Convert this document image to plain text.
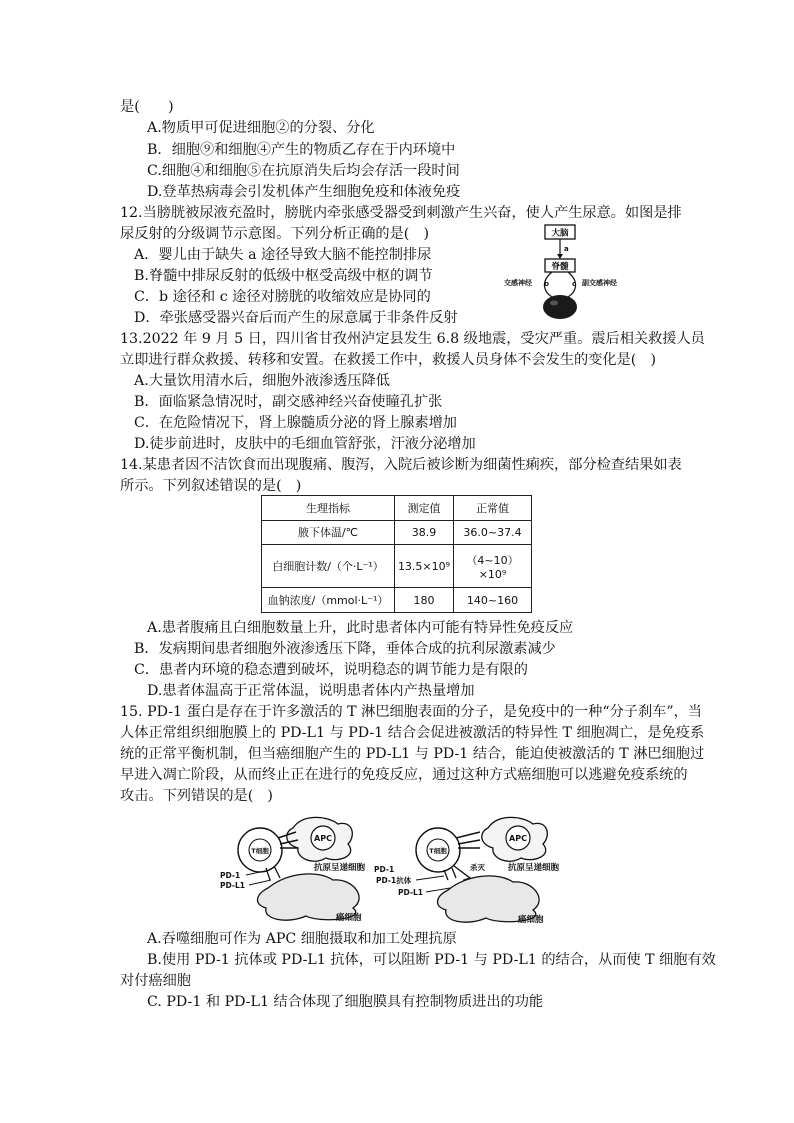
是(　　)
A.物质甲可促进细胞②的分裂、分化
B．细胞⑨和细胞④产生的物质乙存在于内环境中
C.细胞④和细胞⑤在抗原消失后均会存活一段时间
D.登革热病毒会引发机体产生细胞免疫和体液免疫
12.当膀胱被尿液充盈时，膀胱内牵张感受器受到刺激产生兴奋，使人产生尿意。如图是排
尿反射的分级调节示意图。下列分析正确的是(　)
A．婴儿由于缺失 a 途径导致大脑不能控制排尿
B.脊髓中排尿反射的低级中枢受高级中枢的调节
C．b 途径和 c 途径对膀胱的收缩效应是协同的
D．牵张感受器兴奋后而产生的尿意属于非条件反射
大脑
a
脊髓
b	c
交感神经	副交感神经
13.2022 年 9 月 5 日，四川省甘孜州泸定县发生 6.8 级地震，受灾严重。震后相关救援人员
立即进行群众救援、转移和安置。在救援工作中，救援人员身体不会发生的变化是(　)
A.大量饮用清水后，细胞外液渗透压降低
B．面临紧急情况时，副交感神经兴奋使瞳孔扩张
C．在危险情况下，肾上腺髓质分泌的肾上腺素增加
D.徒步前进时，皮肤中的毛细血管舒张，汗液分泌增加
14.某患者因不洁饮食而出现腹痛、腹泻，入院后被诊断为细菌性痢疾，部分检查结果如表
所示。下列叙述错误的是(　)
生理指标	测定值	正常值
腋下体温/℃	38.9	36.0~37.4
白细胞计数/（个·L⁻¹）	13.5×10⁹	（4~10）×10⁹
血钠浓度/（mmol·L⁻¹）	180	140~160
A.患者腹痛且白细胞数量上升，此时患者体内可能有特异性免疫反应
B．发病期间患者细胞外液渗透压下降，垂体合成的抗利尿激素减少
C．患者内环境的稳态遭到破坏，说明稳态的调节能力是有限的
D.患者体温高于正常体温，说明患者体内产热量增加
15. PD-1 蛋白是存在于许多激活的 T 淋巴细胞表面的分子，是免疫中的一种“分子刹车”，当
人体正常组织细胞膜上的 PD-L1 与 PD-1 结合会促进被激活的特异性 T 细胞凋亡，是免疫系
统的正常平衡机制，但当癌细胞产生的 PD-L1 与 PD-1 结合，能迫使被激活的 T 淋巴细胞过
早进入凋亡阶段，从而终止正在进行的免疫反应，通过这种方式癌细胞可以逃避免疫系统的
攻击。下列错误的是(　)
APC
T细胞
抗原呈递细胞
PD-1
PD-L1
癌细胞
APC
T细胞
抗原呈递细胞
杀灭
PD-1
PD-1抗体
PD-L1
癌细胞
A.吞噬细胞可作为 APC 细胞摄取和加工处理抗原
B.使用 PD-1 抗体或 PD-L1 抗体，可以阻断 PD-1 与 PD-L1 的结合，从而使 T 细胞有效
对付癌细胞
C. PD-1 和 PD-L1 结合体现了细胞膜具有控制物质进出的功能
